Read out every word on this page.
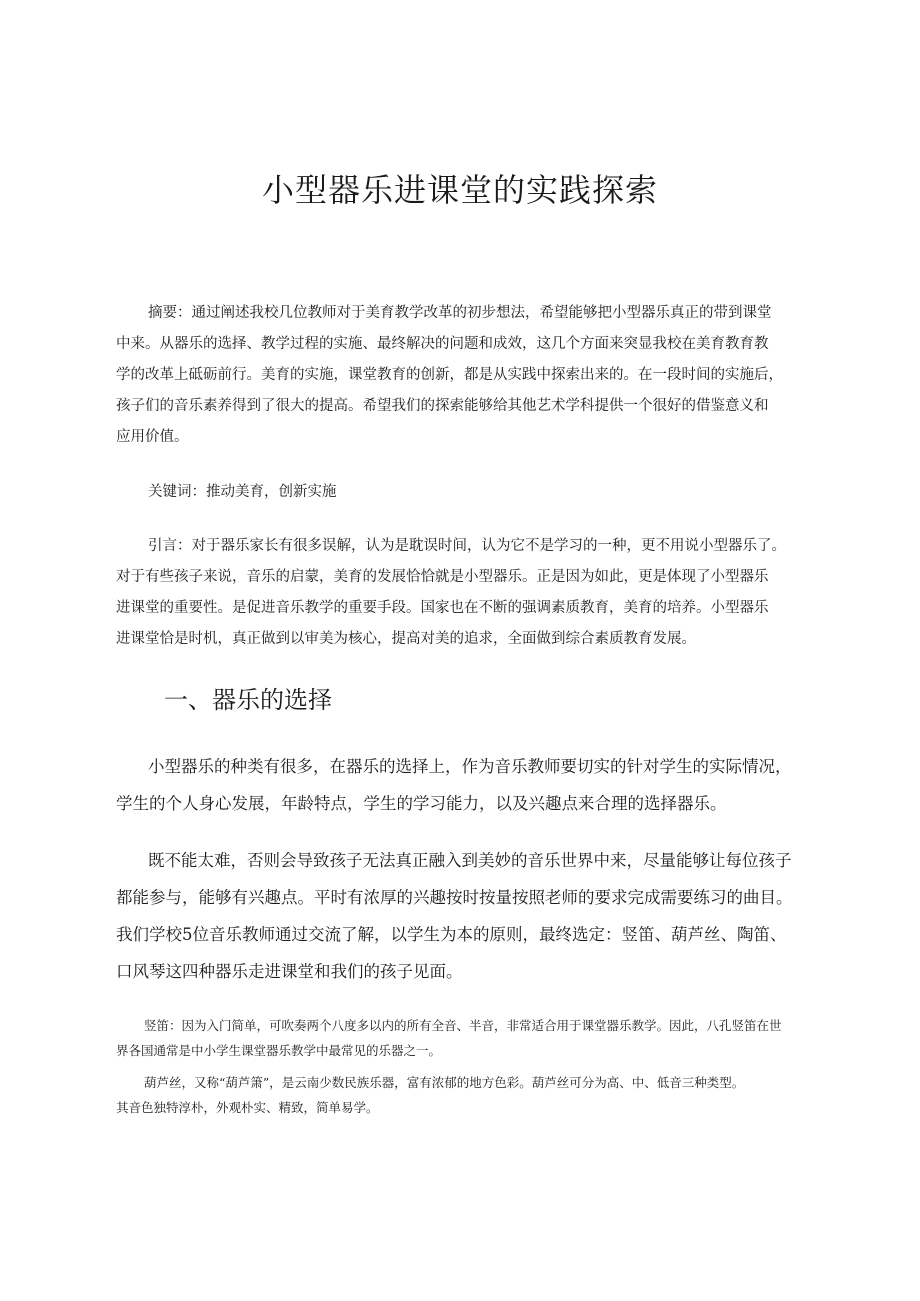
小型器乐进课堂的实践探索
摘要：通过阐述我校几位教师对于美育教学改革的初步想法，希望能够把小型器乐真正的带到课堂
中来。从器乐的选择、教学过程的实施、最终解决的问题和成效，这几个方面来突显我校在美育教育教
学的改革上砥砺前行。美育的实施，课堂教育的创新，都是从实践中探索出来的。在一段时间的实施后，
孩子们的音乐素养得到了很大的提高。希望我们的探索能够给其他艺术学科提供一个很好的借鉴意义和
应用价值。
关键词：推动美育，创新实施
引言：对于器乐家长有很多误解，认为是耽误时间，认为它不是学习的一种，更不用说小型器乐了。
对于有些孩子来说，音乐的启蒙，美育的发展恰恰就是小型器乐。正是因为如此，更是体现了小型器乐
进课堂的重要性。是促进音乐教学的重要手段。国家也在不断的强调素质教育，美育的培养。小型器乐
进课堂恰是时机，真正做到以审美为核心，提高对美的追求，全面做到综合素质教育发展。
一、器乐的选择
小型器乐的种类有很多，在器乐的选择上，作为音乐教师要切实的针对学生的实际情况，
学生的个人身心发展，年龄特点，学生的学习能力，以及兴趣点来合理的选择器乐。
既不能太难，否则会导致孩子无法真正融入到美妙的音乐世界中来，尽量能够让每位孩子
都能参与，能够有兴趣点。平时有浓厚的兴趣按时按量按照老师的要求完成需要练习的曲目。
我们学校5位音乐教师通过交流了解，以学生为本的原则，最终选定：竖笛、葫芦丝、陶笛、
口风琴这四种器乐走进课堂和我们的孩子见面。
竖笛：因为入门简单，可吹奏两个八度多以内的所有全音、半音，非常适合用于课堂器乐教学。因此，八孔竖笛在世
界各国通常是中小学生课堂器乐教学中最常见的乐器之一。
葫芦丝，又称“葫芦箫”，是云南少数民族乐器，富有浓郁的地方色彩。葫芦丝可分为高、中、低音三种类型。
其音色独特淳朴，外观朴实、精致，简单易学。
